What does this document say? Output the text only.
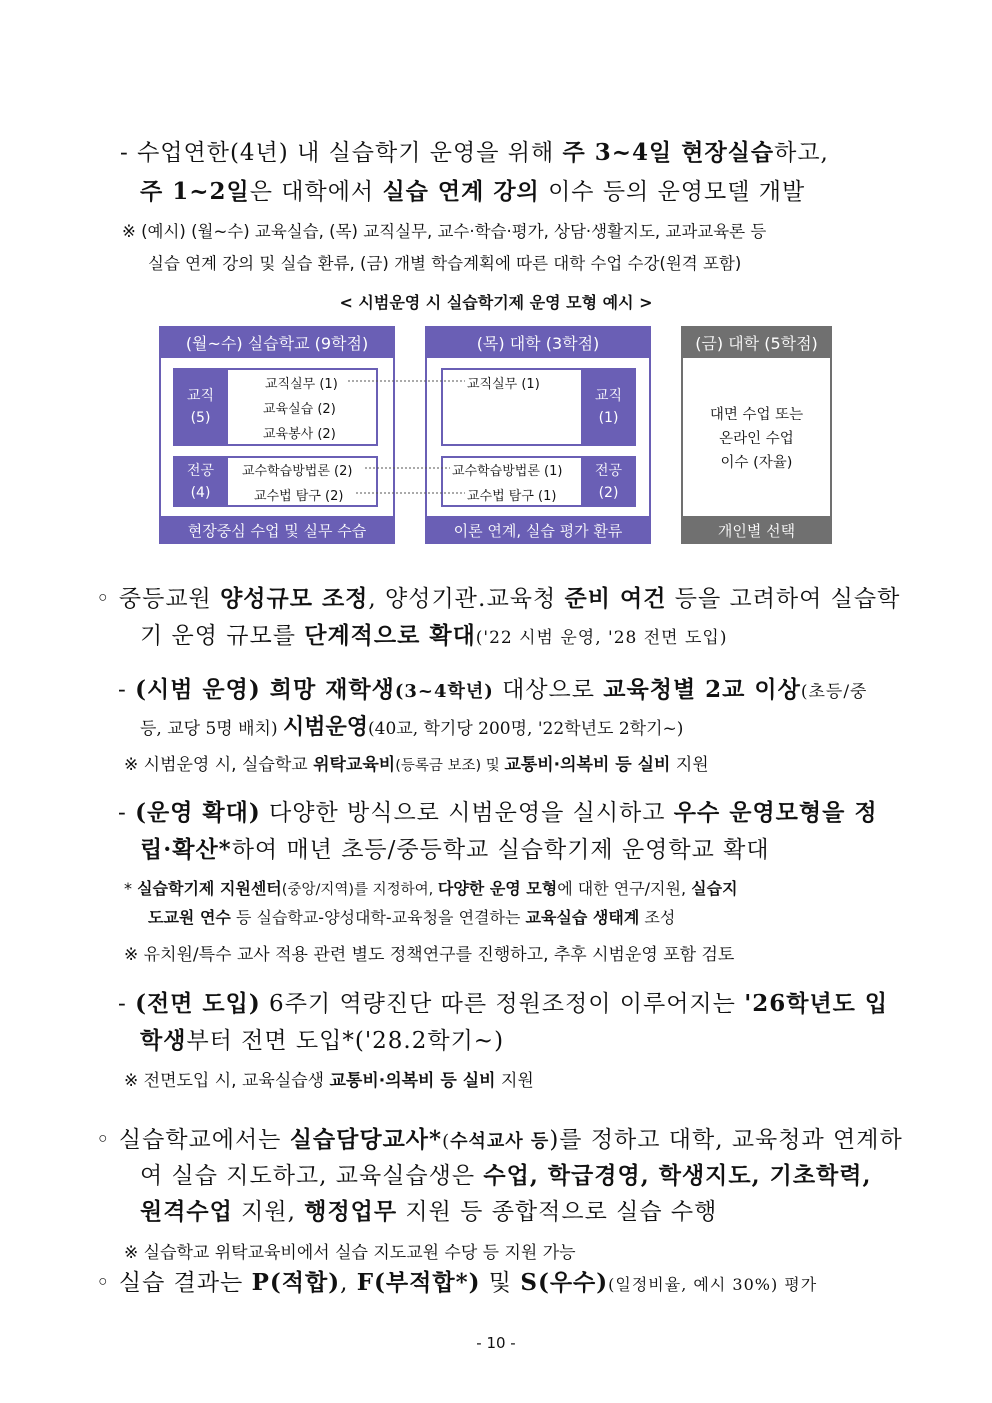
- 수업연한(4년) 내 실습학기 운영을 위해 주 3~4일 현장실습하고,
주 1~2일은 대학에서 실습 연계 강의 이수 등의 운영모델 개발
※ (예시) (월~수) 교육실습, (목) 교직실무, 교수·학습·평가, 상담·생활지도, 교과교육론 등
실습 연계 강의 및 실습 환류, (금) 개별 학습계획에 따른 대학 수업 수강(원격 포함)
< 시범운영 시 실습학기제 운영 모형 예시 >
(월~수) 실습학교 (9학점)
교직
(5)
교직실무 (1)
교육실습 (2)
교육봉사 (2)
전공
(4)
교수학습방법론 (2)
교수법 탐구 (2)
현장중심 수업 및 실무 수습
(목) 대학 (3학점)
교직
(1)
교직실무 (1)
전공
(2)
교수학습방법론 (1)
교수법 탐구 (1)
이론 연계, 실습 평가 환류
(금) 대학 (5학점)
대면 수업 또는
온라인 수업
이수 (자율)
개인별 선택
◦ 중등교원 양성규모 조정, 양성기관․교육청 준비 여건 등을 고려하여 실습학
기 운영 규모를 단계적으로 확대('22 시범 운영, '28 전면 도입)
- (시범 운영) 희망 재학생(3~4학년) 대상으로 교육청별 2교 이상(초등/중
등, 교당 5명 배치) 시범운영(40교, 학기당 200명, '22학년도 2학기~)
※ 시범운영 시, 실습학교 위탁교육비(등록금 보조) 및 교통비·의복비 등 실비 지원
- (운영 확대) 다양한 방식으로 시범운영을 실시하고 우수 운영모형을 정
립·확산*하여 매년 초등/중등학교 실습학기제 운영학교 확대
* 실습학기제 지원센터(중앙/지역)를 지정하여, 다양한 운영 모형에 대한 연구/지원, 실습지
도교원 연수 등 실습학교-양성대학-교육청을 연결하는 교육실습 생태계 조성
※ 유치원/특수 교사 적용 관련 별도 정책연구를 진행하고, 추후 시범운영 포함 검토
- (전면 도입) 6주기 역량진단 따른 정원조정이 이루어지는 '26학년도 입
학생부터 전면 도입*('28.2학기~)
※ 전면도입 시, 교육실습생 교통비·의복비 등 실비 지원
◦ 실습학교에서는 실습담당교사*(수석교사 등)를 정하고 대학, 교육청과 연계하
여 실습 지도하고, 교육실습생은 수업, 학급경영, 학생지도, 기초학력,
원격수업 지원, 행정업무 지원 등 종합적으로 실습 수행
※ 실습학교 위탁교육비에서 실습 지도교원 수당 등 지원 가능
◦ 실습 결과는 P(적합), F(부적합*) 및 S(우수)(일정비율, 예시 30%) 평가
- 10 -
